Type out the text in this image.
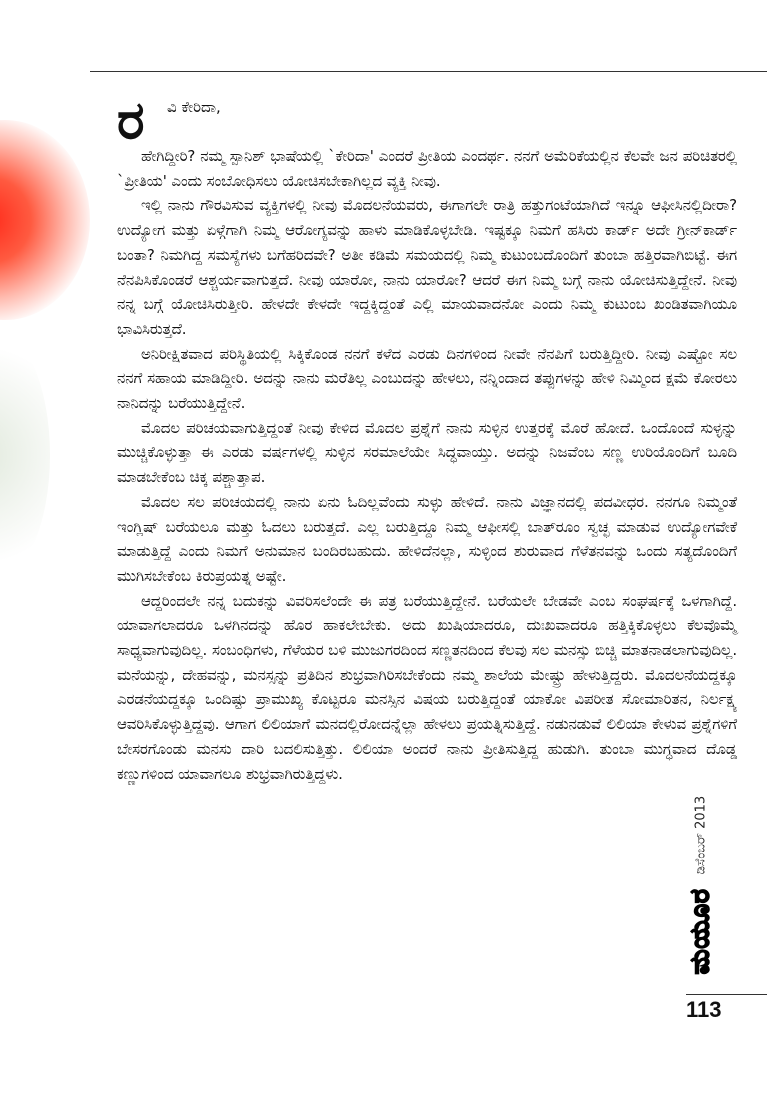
ರ ವಿ ಕೇರಿದಾ,

ಹೇಗಿದ್ದೀರಿ? ನಮ್ಮ ಸ್ಪಾನಿಶ್ ಭಾಷೆಯಲ್ಲಿ `ಕೇರಿದಾ' ಎಂದರೆ ಪ್ರೀತಿಯ ಎಂದರ್ಥ. ನನಗೆ ಅಮೆರಿಕೆಯಲ್ಲಿನ ಕೆಲವೇ ಜನ ಪರಿಚಿತರಲ್ಲಿ `ಪ್ರೀತಿಯ' ಎಂದು ಸಂಬೋಧಿಸಲು ಯೋಚಿಸಬೇಕಾಗಿಲ್ಲದ ವ್ಯಕ್ತಿ ನೀವು.

ಇಲ್ಲಿ ನಾನು ಗೌರವಿಸುವ ವ್ಯಕ್ತಿಗಳಲ್ಲಿ ನೀವು ಮೊದಲನೆಯವರು, ಈಗಾಗಲೇ ರಾತ್ರಿ ಹತ್ತುಗಂಟೆಯಾಗಿದೆ ಇನ್ನೂ ಆಫೀಸಿನಲ್ಲಿದೀರಾ? ಉದ್ಯೋಗ ಮತ್ತು ಏಳ್ಗೆಗಾಗಿ ನಿಮ್ಮ ಆರೋಗ್ಯವನ್ನು ಹಾಳು ಮಾಡಿಕೊಳ್ಳಬೇಡಿ. ಇಷ್ಟಕ್ಕೂ ನಿಮಗೆ ಹಸಿರು ಕಾರ್ಡ್ ಅದೇ ಗ್ರೀನ್‌ಕಾರ್ಡ್ ಬಂತಾ? ನಿಮಗಿದ್ದ ಸಮಸ್ಯೆಗಳು ಬಗೆಹರಿದವೇ? ಅತೀ ಕಡಿಮೆ ಸಮಯದಲ್ಲಿ ನಿಮ್ಮ ಕುಟುಂಬದೊಂದಿಗೆ ತುಂಬಾ ಹತ್ತಿರವಾಗಿಬಿಟ್ಟೆ. ಈಗ ನೆನಪಿಸಿಕೊಂಡರೆ ಆಶ್ಚರ್ಯವಾಗುತ್ತದೆ. ನೀವು ಯಾರೋ, ನಾನು ಯಾರೋ? ಆದರೆ ಈಗ ನಿಮ್ಮ ಬಗ್ಗೆ ನಾನು ಯೋಚಿಸುತ್ತಿದ್ದೇನೆ. ನೀವು ನನ್ನ ಬಗ್ಗೆ ಯೋಚಿಸಿರುತ್ತೀರಿ. ಹೇಳದೇ ಕೇಳದೇ ಇದ್ದಕ್ಕಿದ್ದಂತೆ ಎಲ್ಲಿ ಮಾಯವಾದನೋ ಎಂದು ನಿಮ್ಮ ಕುಟುಂಬ ಖಂಡಿತವಾಗಿಯೂ ಭಾವಿಸಿರುತ್ತದೆ.

ಅನಿರೀಕ್ಷಿತವಾದ ಪರಿಸ್ಥಿತಿಯಲ್ಲಿ ಸಿಕ್ಕಿಕೊಂಡ ನನಗೆ ಕಳೆದ ಎರಡು ದಿನಗಳಿಂದ ನೀವೇ ನೆನಪಿಗೆ ಬರುತ್ತಿದ್ದೀರಿ. ನೀವು ಎಷ್ಟೋ ಸಲ ನನಗೆ ಸಹಾಯ ಮಾಡಿದ್ದೀರಿ. ಅದನ್ನು ನಾನು ಮರೆತಿಲ್ಲ ಎಂಬುದನ್ನು ಹೇಳಲು, ನನ್ನಿಂದಾದ ತಪ್ಪುಗಳನ್ನು ಹೇಳಿ ನಿಮ್ಮಿಂದ ಕ್ಷಮೆ ಕೋರಲು ನಾನಿದನ್ನು ಬರೆಯುತ್ತಿದ್ದೇನೆ.

ಮೊದಲ ಪರಿಚಯವಾಗುತ್ತಿದ್ದಂತೆ ನೀವು ಕೇಳಿದ ಮೊದಲ ಪ್ರಶ್ನೆಗೆ ನಾನು ಸುಳ್ಳಿನ ಉತ್ತರಕ್ಕೆ ಮೊರೆ ಹೋದೆ. ಒಂದೊಂದೆ ಸುಳ್ಳನ್ನು ಮುಚ್ಚಿಕೊಳ್ಳುತ್ತಾ ಈ ಎರಡು ವರ್ಷಗಳಲ್ಲಿ ಸುಳ್ಳಿನ ಸರಮಾಲೆಯೇ ಸಿದ್ಧವಾಯ್ತು. ಅದನ್ನು ನಿಜವೆಂಬ ಸಣ್ಣ ಉರಿಯೊಂದಿಗೆ ಬೂದಿ ಮಾಡಬೇಕೆಂಬ ಚಿಕ್ಕ ಪಶ್ಚಾತ್ತಾಪ.

ಮೊದಲ ಸಲ ಪರಿಚಯದಲ್ಲಿ ನಾನು ಏನು ಓದಿಲ್ಲವೆಂದು ಸುಳ್ಳು ಹೇಳಿದೆ. ನಾನು ವಿಜ್ಞಾನದಲ್ಲಿ ಪದವೀಧರ. ನನಗೂ ನಿಮ್ಮಂತೆ ಇಂಗ್ಲಿಷ್ ಬರೆಯಲೂ ಮತ್ತು ಓದಲು ಬರುತ್ತದೆ. ಎಲ್ಲ ಬರುತ್ತಿದ್ದೂ ನಿಮ್ಮ ಆಫೀಸಲ್ಲಿ ಬಾತ್‌ರೂಂ ಸ್ವಚ್ಛ ಮಾಡುವ ಉದ್ಯೋಗವೇಕೆ ಮಾಡುತ್ತಿದ್ದೆ ಎಂದು ನಿಮಗೆ ಅನುಮಾನ ಬಂದಿರಬಹುದು. ಹೇಳಿದೆನಲ್ಲಾ, ಸುಳ್ಳಿಂದ ಶುರುವಾದ ಗೆಳೆತನವನ್ನು ಒಂದು ಸತ್ಯದೊಂದಿಗೆ ಮುಗಿಸಬೇಕೆಂಬ ಕಿರುಪ್ರಯತ್ನ ಅಷ್ಟೇ.

ಆದ್ದರಿಂದಲೇ ನನ್ನ ಬದುಕನ್ನು ವಿವರಿಸಲೆಂದೇ ಈ ಪತ್ರ ಬರೆಯುತ್ತಿದ್ದೇನೆ. ಬರೆಯಲೇ ಬೇಡವೇ ಎಂಬ ಸಂಘರ್ಷಕ್ಕೆ ಒಳಗಾಗಿದ್ದೆ. ಯಾವಾಗಲಾದರೂ ಒಳಗಿನದನ್ನು ಹೊರ ಹಾಕಲೇಬೇಕು. ಅದು ಖುಷಿಯಾದರೂ, ದುಃಖವಾದರೂ ಹತ್ತಿಕ್ಕಿಕೊಳ್ಳಲು ಕೆಲವೊಮ್ಮೆ ಸಾಧ್ಯವಾಗುವುದಿಲ್ಲ. ಸಂಬಂಧಿಗಳು, ಗೆಳೆಯರ ಬಳಿ ಮುಜುಗರದಿಂದ ಸಣ್ಣತನದಿಂದ ಕೆಲವು ಸಲ ಮನಸ್ಸು ಬಿಚ್ಚಿ ಮಾತನಾಡಲಾಗುವುದಿಲ್ಲ. ಮನೆಯನ್ನು, ದೇಹವನ್ನು, ಮನಸ್ಸನ್ನು ಪ್ರತಿದಿನ ಶುಭ್ರವಾಗಿರಿಸಬೇಕೆಂದು ನಮ್ಮ ಶಾಲೆಯ ಮೇಷ್ಟ್ರು ಹೇಳುತ್ತಿದ್ದರು. ಮೊದಲನೆಯದ್ದಕ್ಕೂ ಎರಡನೆಯದ್ದಕ್ಕೂ ಒಂದಿಷ್ಟು ಪ್ರಾಮುಖ್ಯ ಕೊಟ್ಟರೂ ಮನಸ್ಸಿನ ವಿಷಯ ಬರುತ್ತಿದ್ದಂತೆ ಯಾಕೋ ವಿಪರೀತ ಸೋಮಾರಿತನ, ನಿರ್ಲಕ್ಷ್ಯ ಆವರಿಸಿಕೊಳ್ಳುತ್ತಿದ್ದವು. ಆಗಾಗ ಲಿಲಿಯಾಗೆ ಮನದಲ್ಲಿರೋದನ್ನೆಲ್ಲಾ ಹೇಳಲು ಪ್ರಯತ್ನಿಸುತ್ತಿದ್ದೆ. ನಡುನಡುವೆ ಲಿಲಿಯಾ ಕೇಳುವ ಪ್ರಶ್ನೆಗಳಿಗೆ ಬೇಸರಗೊಂಡು ಮನಸು ದಾರಿ ಬದಲಿಸುತ್ತಿತ್ತು. ಲಿಲಿಯಾ ಅಂದರೆ ನಾನು ಪ್ರೀತಿಸುತ್ತಿದ್ದ ಹುಡುಗಿ. ತುಂಬಾ ಮುಗ್ಧವಾದ ದೊಡ್ಡ ಕಣ್ಣುಗಳಿಂದ ಯಾವಾಗಲೂ ಶುಭ್ರವಾಗಿರುತ್ತಿದ್ದಳು.

ಮಯೂರ
ಡಿಸೆಂಬರ್ 2013
113
